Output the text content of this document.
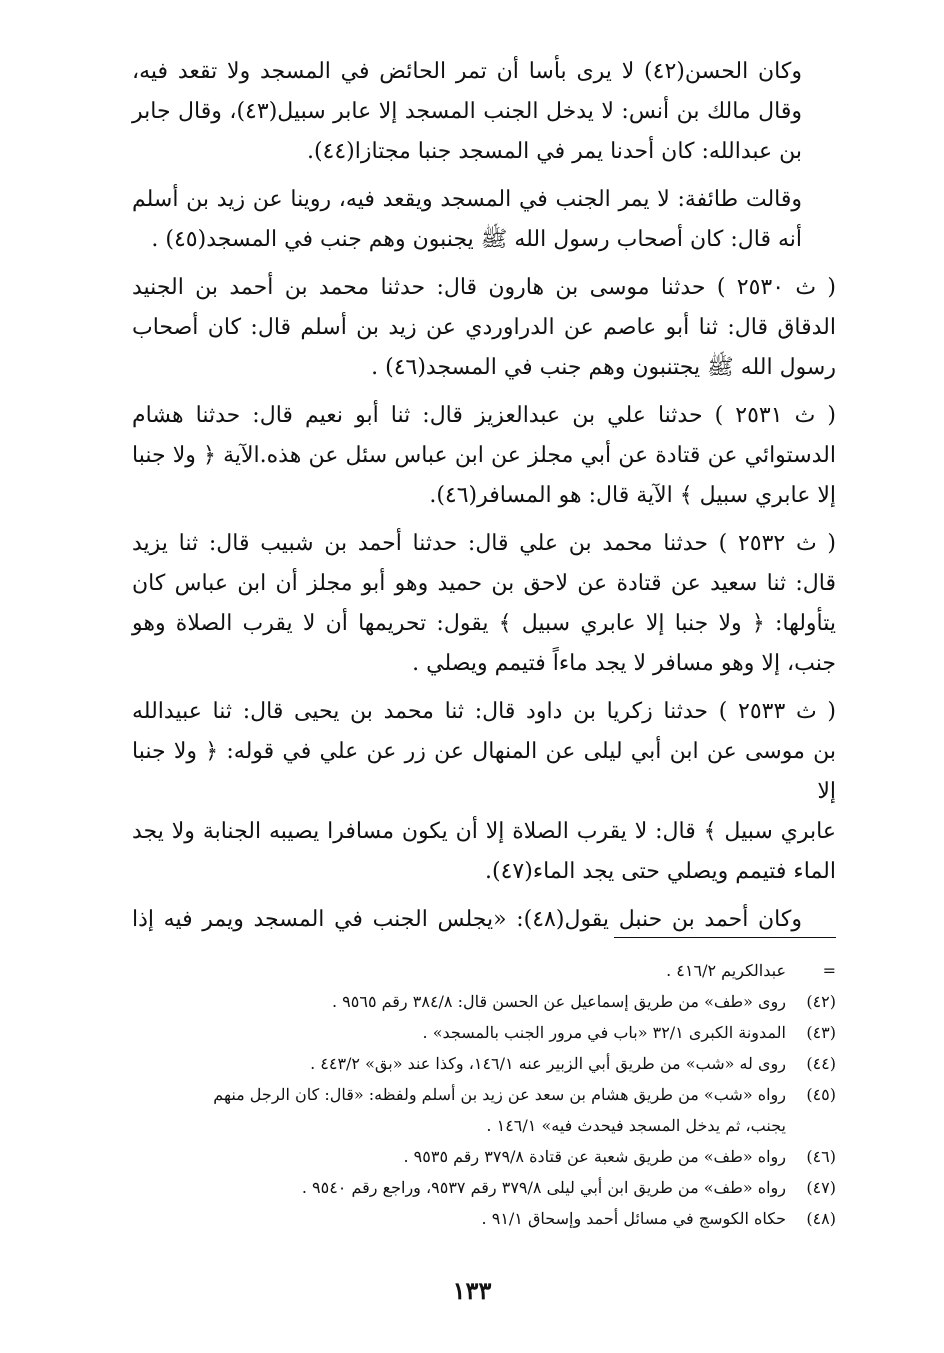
وكان الحسن(٤٢) لا يرى بأسا أن تمر الحائض في المسجد ولا تقعد فيه،
وقال مالك بن أنس: لا يدخل الجنب المسجد إلا عابر سبيل(٤٣)، وقال جابر
بن عبدالله: كان أحدنا يمر في المسجد جنبا مجتازا(٤٤).

وقالت طائفة: لا يمر الجنب في المسجد ويقعد فيه، روينا عن زيد بن أسلم
أنه قال: كان أصحاب رسول الله ﷺ يجنبون وهم جنب في المسجد(٤٥) .

( ث ٢٥٣٠ ) حدثنا موسى بن هارون قال: حدثنا محمد بن أحمد بن الجنيد
الدقاق قال: ثنا أبو عاصم عن الدراوردي عن زيد بن أسلم قال: كان أصحاب
رسول الله ﷺ يجتنبون وهم جنب في المسجد(٤٦) .

( ث ٢٥٣١ ) حدثنا علي بن عبدالعزيز قال: ثنا أبو نعيم قال: حدثنا هشام
الدستوائي عن قتادة عن أبي مجلز عن ابن عباس سئل عن هذه.الآية ﴿ ولا جنبا
إلا عابري سبيل ﴾ الآية قال: هو المسافر(٤٦).

( ث ٢٥٣٢ ) حدثنا محمد بن علي قال: حدثنا أحمد بن شبيب قال: ثنا يزيد
قال: ثنا سعيد عن قتادة عن لاحق بن حميد وهو أبو مجلز أن ابن عباس كان
يتأولها: ﴿ ولا جنبا إلا عابري سبيل ﴾ يقول: تحريمها أن لا يقرب الصلاة وهو
جنب، إلا وهو مسافر لا يجد ماءاً فتيمم ويصلي .

( ث ٢٥٣٣ ) حدثنا زكريا بن داود قال: ثنا محمد بن يحيى قال: ثنا عبيدالله
بن موسى عن ابن أبي ليلى عن المنهال عن زر عن علي في قوله: ﴿ ولا جنبا إلا
عابري سبيل ﴾ قال: لا يقرب الصلاة إلا أن يكون مسافرا يصيبه الجنابة ولا يجد
الماء فتيمم ويصلي حتى يجد الماء(٤٧).

وكان أحمد بن حنبل يقول(٤٨): «يجلس الجنب في المسجد ويمر فيه إذا

=عبدالكريم ٤١٦/٢ .
(٤٢)روى «طف» من طريق إسماعيل عن الحسن قال: ٣٨٤/٨ رقم ٩٥٦٥ .
(٤٣)المدونة الكبرى ٣٢/١ «باب في مرور الجنب بالمسجد» .
(٤٤)روى له «شب» من طريق أبي الزبير عنه ١٤٦/١، وكذا عند «بق» ٤٤٣/٢ .
(٤٥)رواه «شب» من طريق هشام بن سعد عن زيد بن أسلم ولفظه: «قال: كان الرجل منهم
يجنب، ثم يدخل المسجد فيحدث فيه» ١٤٦/١ .
(٤٦)رواه «طف» من طريق شعبة عن قتادة ٣٧٩/٨ رقم ٩٥٣٥ .
(٤٧)رواه «طف» من طريق ابن أبي ليلى ٣٧٩/٨ رقم ٩٥٣٧، وراجع رقم ٩٥٤٠ .
(٤٨)حكاه الكوسج في مسائل أحمد وإسحاق ٩١/١ .
١٣٣
